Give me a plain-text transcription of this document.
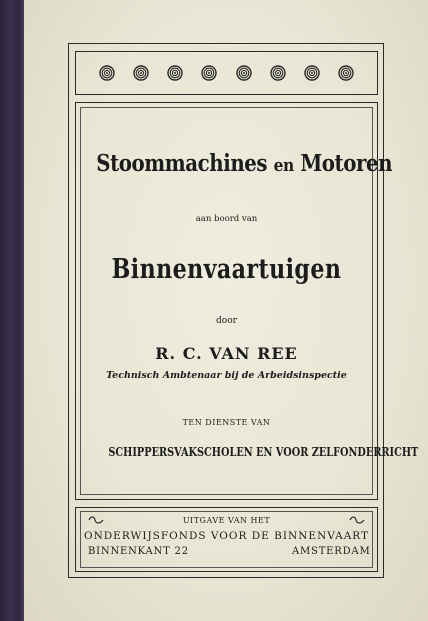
Stoommachines en Motoren
aan boord van
Binnenvaartuigen
door
R. C. VAN REE
Technisch Ambtenaar bij de Arbeidsinspectie
TEN DIENSTE VAN
SCHIPPERSVAKSCHOLEN EN VOOR ZELFONDERRICHT
UITGAVE VAN HET
ONDERWIJSFONDS VOOR DE BINNENVAART
BINNENKANT 22	AMSTERDAM
